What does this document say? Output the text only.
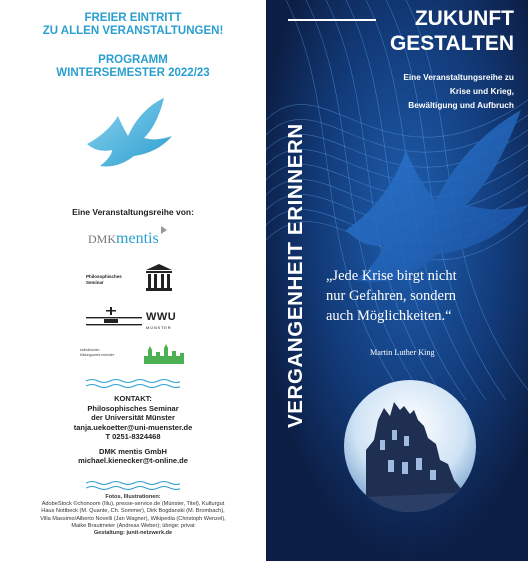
FREIER EINTRITT
ZU ALLEN VERANSTALTUNGEN!
PROGRAMM
WINTERSEMESTER 2022/23
Eine Veranstaltungsreihe von:
DMKmentis
Philosophisches
Seminar
WWU
MÜNSTER
katholischen
bildungswerk münster
KONTAKT:
Philosophisches Seminar
der Universität Münster
tanja.uekoetter@uni-muenster.de
T 0251-8324468
DMK mentis GmbH
michael.kienecker@t-online.de
Fotos, Illustrationen:
AdobeStock ©chonoom (Illu), presse-service.de (Münster, Titel), Kulturgut
Haus Nottbeck (M. Quante, Ch. Sommer), Dirk Bogdanski (M. Brombach),
Villa Massimo/Alberto Novelli (Jan Wagner), Wikipedia (Christoph Wenzel),
Maike Brautmeier (Andreas Weber); übrige: privat
Gestaltung: junit-netzwerk.de
VERGANGENHEIT ERINNERN
ZUKUNFT
GESTALTEN
Eine Veranstaltungsreihe zu
Krise und Krieg,
Bewältigung und Aufbruch
„Jede Krise birgt nicht
nur Gefahren, sondern
auch Möglichkeiten.“
Martin Luther King
